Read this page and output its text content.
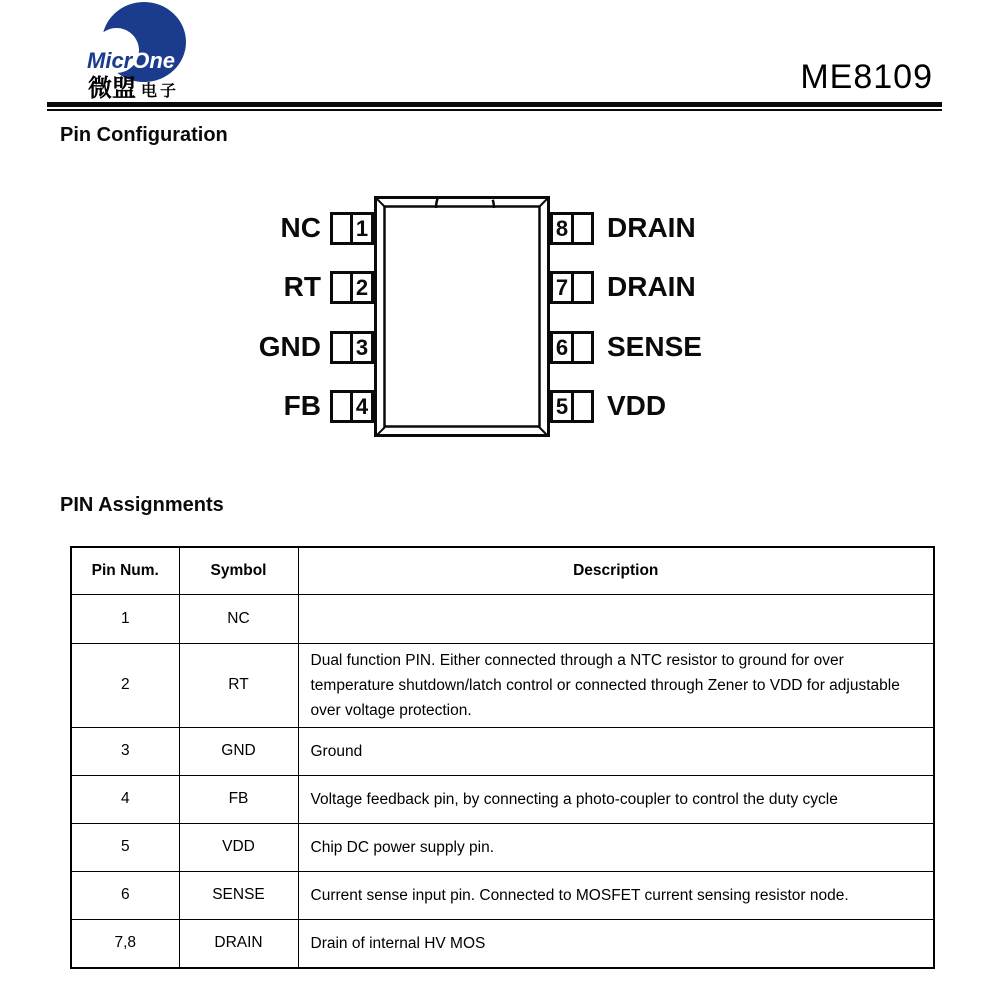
MicrOne
微盟 电子	ME8109
Pin Configuration
NC 1
RT 2
GND 3
FB 4
8 DRAIN
7 DRAIN
6 SENSE
5 VDD
PIN Assignments
Pin Num.	Symbol	Description
1	NC	
2	RT	Dual function PIN. Either connected through a NTC resistor to ground for over temperature shutdown/latch control or connected through Zener to VDD for adjustable over voltage protection.
3	GND	Ground
4	FB	Voltage feedback pin, by connecting a photo-coupler to control the duty cycle
5	VDD	Chip DC power supply pin.
6	SENSE	Current sense input pin. Connected to MOSFET current sensing resistor node.
7,8	DRAIN	Drain of internal HV MOS
